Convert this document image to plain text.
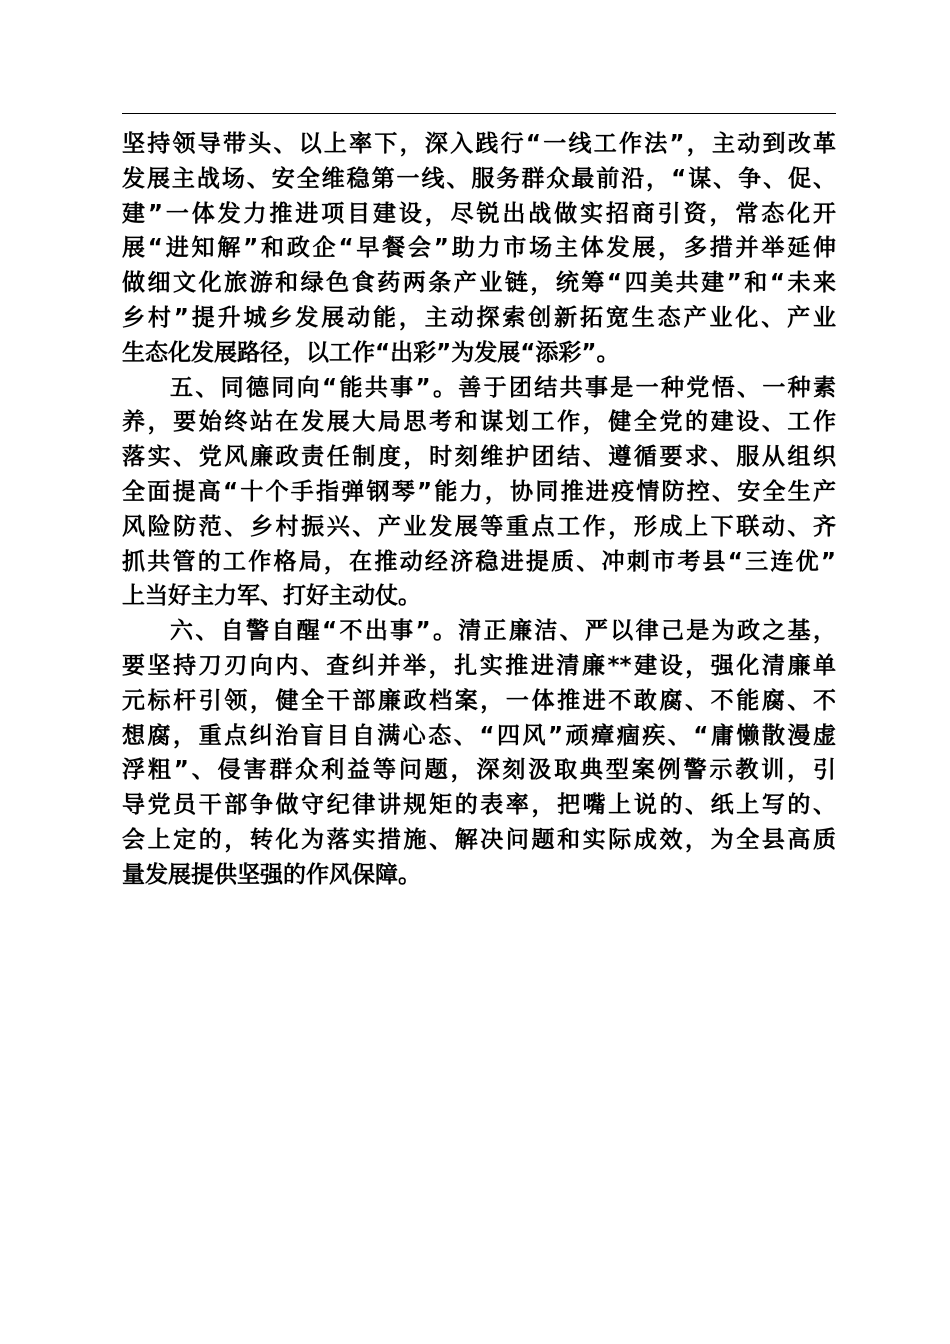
坚持领导带头、以上率下，深入践行“一线工作法”，主动到改革
发展主战场、安全维稳第一线、服务群众最前沿，“谋、争、促、
建”一体发力推进项目建设，尽锐出战做实招商引资，常态化开
展“进知解”和政企“早餐会”助力市场主体发展，多措并举延伸
做细文化旅游和绿色食药两条产业链，统筹“四美共建”和“未来
乡村”提升城乡发展动能，主动探索创新拓宽生态产业化、产业
生态化发展路径，以工作“出彩”为发展“添彩”。
五、同德同向“能共事”。善于团结共事是一种党悟、一种素
养，要始终站在发展大局思考和谋划工作，健全党的建设、工作
落实、党风廉政责任制度，时刻维护团结、遵循要求、服从组织
全面提高“十个手指弹钢琴”能力，协同推进疫情防控、安全生产
风险防范、乡村振兴、产业发展等重点工作，形成上下联动、齐
抓共管的工作格局，在推动经济稳进提质、冲刺市考县“三连优”
上当好主力军、打好主动仗。
六、自警自醒“不出事”。清正廉洁、严以律己是为政之基，
要坚持刀刃向内、查纠并举，扎实推进清廉**建设，强化清廉单
元标杆引领，健全干部廉政档案，一体推进不敢腐、不能腐、不
想腐，重点纠治盲目自满心态、“四风”顽瘴痼疾、“庸懒散漫虚
浮粗”、侵害群众利益等问题，深刻汲取典型案例警示教训，引
导党员干部争做守纪律讲规矩的表率，把嘴上说的、纸上写的、
会上定的，转化为落实措施、解决问题和实际成效，为全县高质
量发展提供坚强的作风保障。
